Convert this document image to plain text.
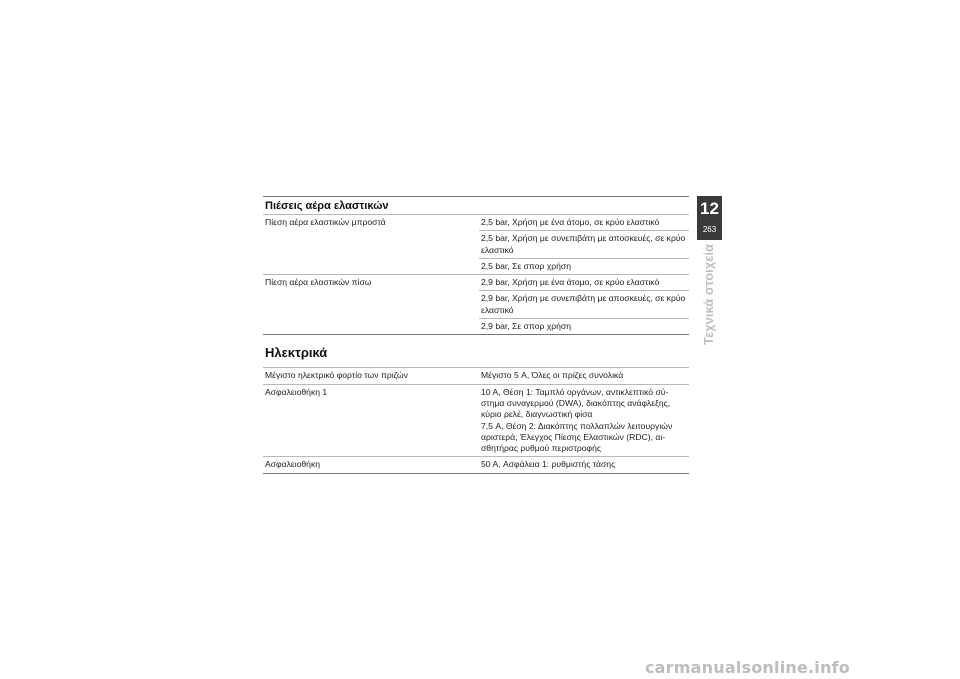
Πιέσεις αέρα ελαστικών
Πίεση αέρα ελαστικών μπροστά	2,5 bar, Χρήση με ένα άτομο, σε κρύο ελαστικό
	2,5 bar, Χρήση με συνεπιβάτη με αποσκευές, σε κρύο ελαστικό
	2,5 bar, Σε σπορ χρήση
Πίεση αέρα ελαστικών πίσω	2,9 bar, Χρήση με ένα άτομο, σε κρύο ελαστικό
	2,9 bar, Χρήση με συνεπιβάτη με αποσκευές, σε κρύο ελαστικό
	2,9 bar, Σε σπορ χρήση
Ηλεκτρικά
Μέγιστο ηλεκτρικό φορτίο των πριζών	Μέγιστο 5 A, Όλες οι πρίζες συνολικά
Ασφαλειοθήκη 1	10 A, Θέση 1: Ταμπλό οργάνων, αντικλεπτικό σύ-
στημα συναγερμού (DWA), διακόπτης ανάφλεξης, κύριο ρελέ, διαγνωστική φίσα
7,5 A, Θέση 2: Διακόπτης πολλαπλών λειτουργιών αριστερά, Έλεγχος Πίεσης Ελαστικών (RDC), αι-
σθητήρας ρυθμού περιστροφής
Ασφαλειοθήκη	50 A, Ασφάλεια 1: ρυθμιστής τάσης
12
263
Τεχνικά στοιχεία
carmanualsonline.info
